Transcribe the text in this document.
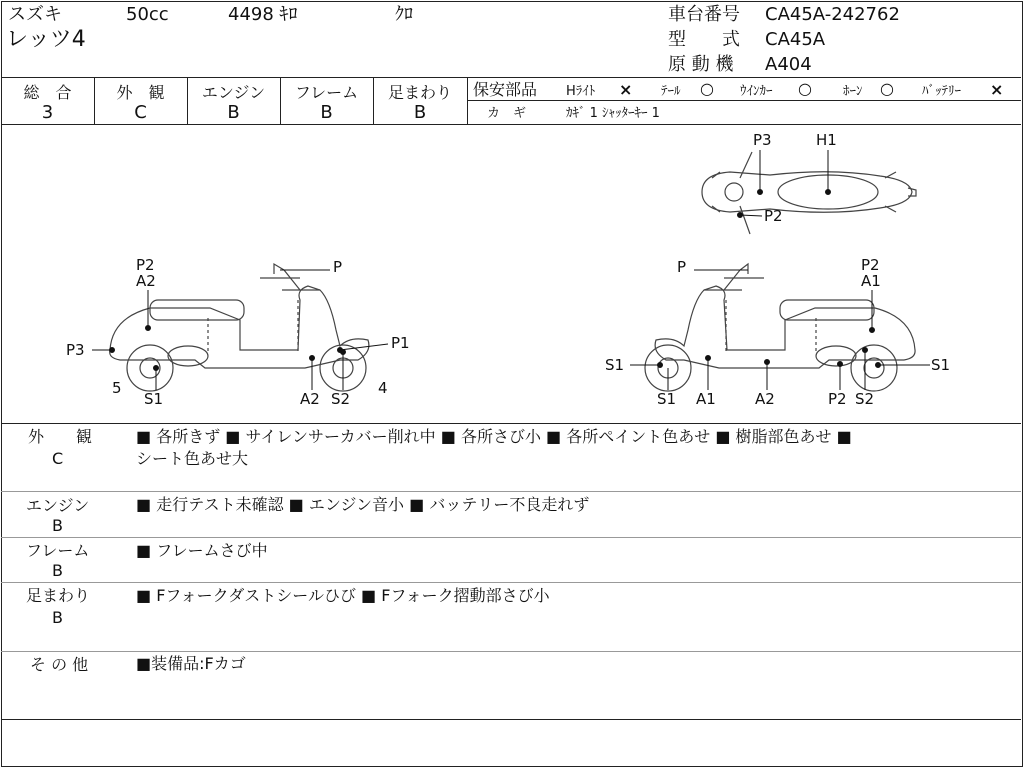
スズキ	50cc	4498 ｷﾛ	ｸﾛ
レッツ4
車台番号 CA45A-242762
型　　式 CA45A
原 動 機 A404
総　合
3
外　観
C
エンジン
B
フレーム
B
足まわり
B
保安部品 Hﾗｲﾄ × ﾃｰﾙ ○ ｳｲﾝｶｰ ○ ﾎｰﾝ ○ ﾊﾞｯﾃﾘｰ ×
カ　ギ	ｶｷﾞ 1 ｼｬｯﾀｰｷｰ 1
P3	H1
P2
P2
A2
P
P3	P1
5
S1	A2 S2
4
P	P2
A1
S1	S1
S1 A1	A2	P2 S2
外　　観
C
■ 各所きず ■ サイレンサーカバー削れ中 ■ 各所さび小 ■ 各所ペイント色あせ ■ 樹脂部色あせ ■
シート色あせ大
エンジン
B
■ 走行テスト未確認 ■ エンジン音小 ■ バッテリー不良走れず
フレーム
B
■ フレームさび中
足まわり
B
■ Fフォークダストシールひび ■ Fフォーク摺動部さび小
そ の 他	■装備品:Fカゴ
